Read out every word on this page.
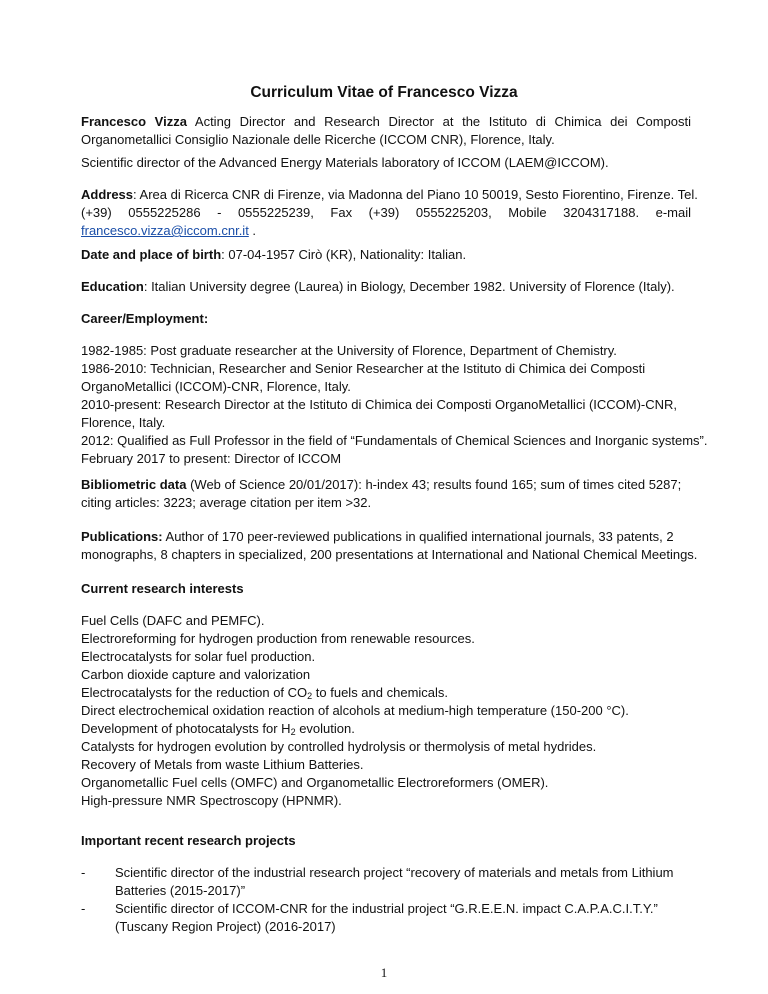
Curriculum Vitae of Francesco Vizza
Francesco Vizza Acting Director and Research Director at the Istituto di Chimica dei Composti
Organometallici Consiglio Nazionale delle Ricerche (ICCOM CNR), Florence, Italy.
Scientific director of the Advanced Energy Materials laboratory of ICCOM (LAEM@ICCOM).
Address: Area di Ricerca CNR di Firenze, via Madonna del Piano 10 50019, Sesto Fiorentino, Firenze. Tel.
(+39)  0555225286  -  0555225239,  Fax  (+39)  0555225203,  Mobile  3204317188.  e-mail
francesco.vizza@iccom.cnr.it .
Date and place of birth: 07-04-1957 Cirò (KR), Nationality: Italian.
Education: Italian University degree (Laurea) in Biology, December 1982. University of Florence (Italy).
Career/Employment:
1982-1985: Post graduate researcher at the University of Florence, Department of Chemistry.
1986-2010: Technician, Researcher and Senior Researcher at the Istituto di Chimica dei Composti
OrganoMetallici (ICCOM)-CNR, Florence, Italy.
2010-present: Research Director at the Istituto di Chimica dei Composti OrganoMetallici (ICCOM)-CNR,
Florence, Italy.
2012: Qualified as Full Professor in the field of “Fundamentals of Chemical Sciences and Inorganic systems”.
February 2017 to present: Director of ICCOM
Bibliometric data (Web of Science 20/01/2017): h-index 43; results found 165; sum of times cited 5287;
citing articles: 3223; average citation per item >32.
Publications: Author of 170 peer-reviewed publications in qualified international journals, 33 patents, 2
monographs, 8 chapters in specialized, 200 presentations at International and National Chemical Meetings.
Current research interests
Fuel Cells (DAFC and PEMFC).
Electroreforming for hydrogen production from renewable resources.
Electrocatalysts for solar fuel production.
Carbon dioxide capture and valorization
Electrocatalysts for the reduction of $CO_2$ to fuels and chemicals.
Direct electrochemical oxidation reaction of alcohols at medium-high temperature (150-200 °C).
Development of photocatalysts for $H_2$ evolution.
Catalysts for hydrogen evolution by controlled hydrolysis or thermolysis of metal hydrides.
Recovery of Metals from waste Lithium Batteries.
Organometallic Fuel cells (OMFC) and Organometallic Electroreformers (OMER).
High-pressure NMR Spectroscopy (HPNMR).
Important recent research projects
- Scientific director of the industrial research project “recovery of materials and metals from Lithium
Batteries (2015-2017)”
- Scientific director of ICCOM-CNR for the industrial project “G.R.E.E.N. impact C.A.P.A.C.I.T.Y.”
(Tuscany Region Project) (2016-2017)
1
